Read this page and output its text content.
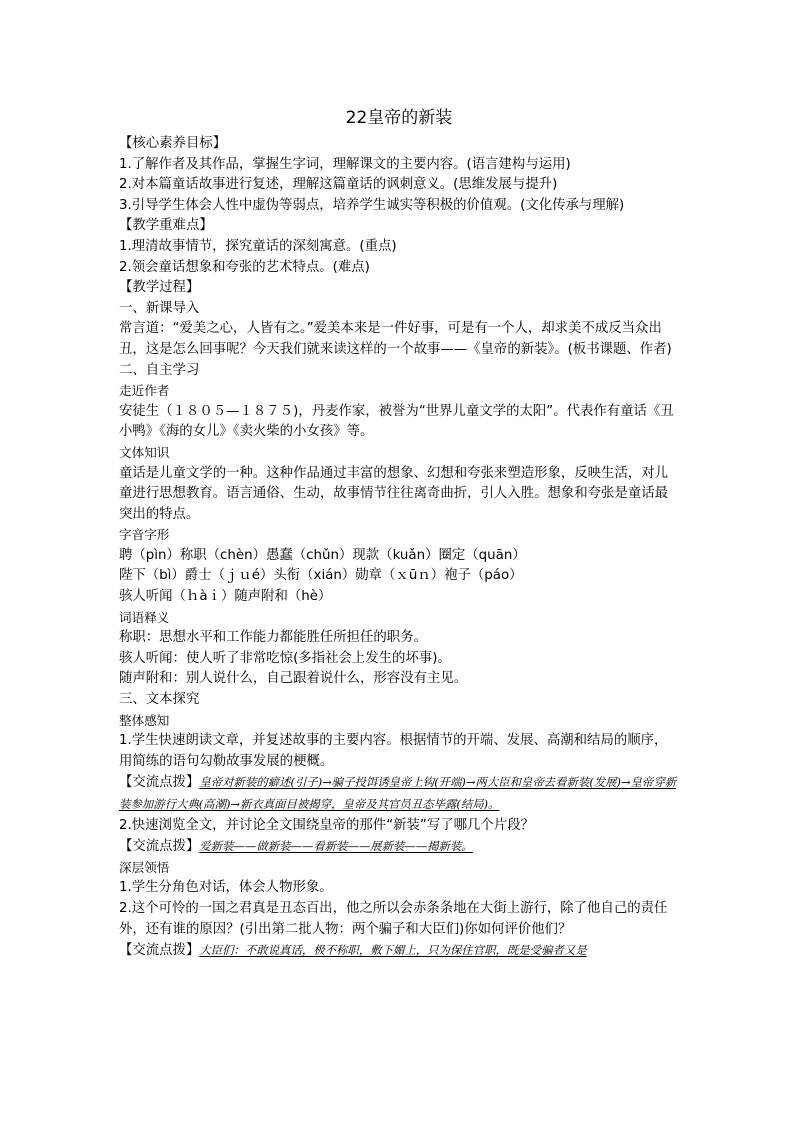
22皇帝的新装
【核心素养目标】
1.了解作者及其作品，掌握生字词，理解课文的主要内容。(语言建构与运用)
2.对本篇童话故事进行复述，理解这篇童话的讽刺意义。(思维发展与提升)
3.引导学生体会人性中虚伪等弱点，培养学生诚实等积极的价值观。(文化传承与理解)
【教学重难点】
1.理清故事情节，探究童话的深刻寓意。(重点)
2.领会童话想象和夸张的艺术特点。(难点)
【教学过程】
一、新课导入
常言道：“爱美之心，人皆有之。”爱美本来是一件好事，可是有一个人，却求美不成反当众出丑，这是怎么回事呢？今天我们就来读这样的一个故事——《皇帝的新装》。(板书课题、作者)
二、自主学习
走近作者
安徒生（１８０５—１８７５)，丹麦作家，被誉为“世界儿童文学的太阳”。代表作有童话《丑小鸭》《海的女儿》《卖火柴的小女孩》等。
文体知识
童话是儿童文学的一种。这种作品通过丰富的想象、幻想和夸张来塑造形象，反映生活，对儿童进行思想教育。语言通俗、生动，故事情节往往离奇曲折，引人入胜。想象和夸张是童话最突出的特点。
字音字形
聘（pìn）称职（chèn）愚蠢（chǔn）现款（kuǎn）圈定（quān）
陛下（bì）爵士（ｊｕé）头衔（xián）勋章（ｘūｎ）袍子（páo）
骇人听闻（ｈàｉ）随声附和（hè）
词语释义
称职：思想水平和工作能力都能胜任所担任的职务。
骇人听闻：使人听了非常吃惊(多指社会上发生的坏事)。
随声附和：别人说什么，自己跟着说什么，形容没有主见。
三、文本探究
整体感知
1.学生快速朗读文章，并复述故事的主要内容。根据情节的开端、发展、高潮和结局的顺序，用简练的语句勾勒故事发展的梗概。
【交流点拨】皇帝对新装的癖述(引子)→骗子投饵诱皇帝上钩(开端)→两大臣和皇帝去看新装(发展)→皇帝穿新装参加游行大典(高潮)→新衣真面目被揭穿，皇帝及其官员丑态毕露(结局)。
2.快速浏览全文，并讨论全文围绕皇帝的那件“新装”写了哪几个片段？
【交流点拨】爱新装——做新装——看新装——展新装——揭新装。
深层领悟
1.学生分角色对话，体会人物形象。
2.这个可怜的一国之君真是丑态百出，他之所以会赤条条地在大街上游行，除了他自己的责任外，还有谁的原因？(引出第二批人物：两个骗子和大臣们)你如何评价他们？
【交流点拨】大臣们：不敢说真话，极不称职，敷下媚上，只为保住官职，既是受骗者又是
